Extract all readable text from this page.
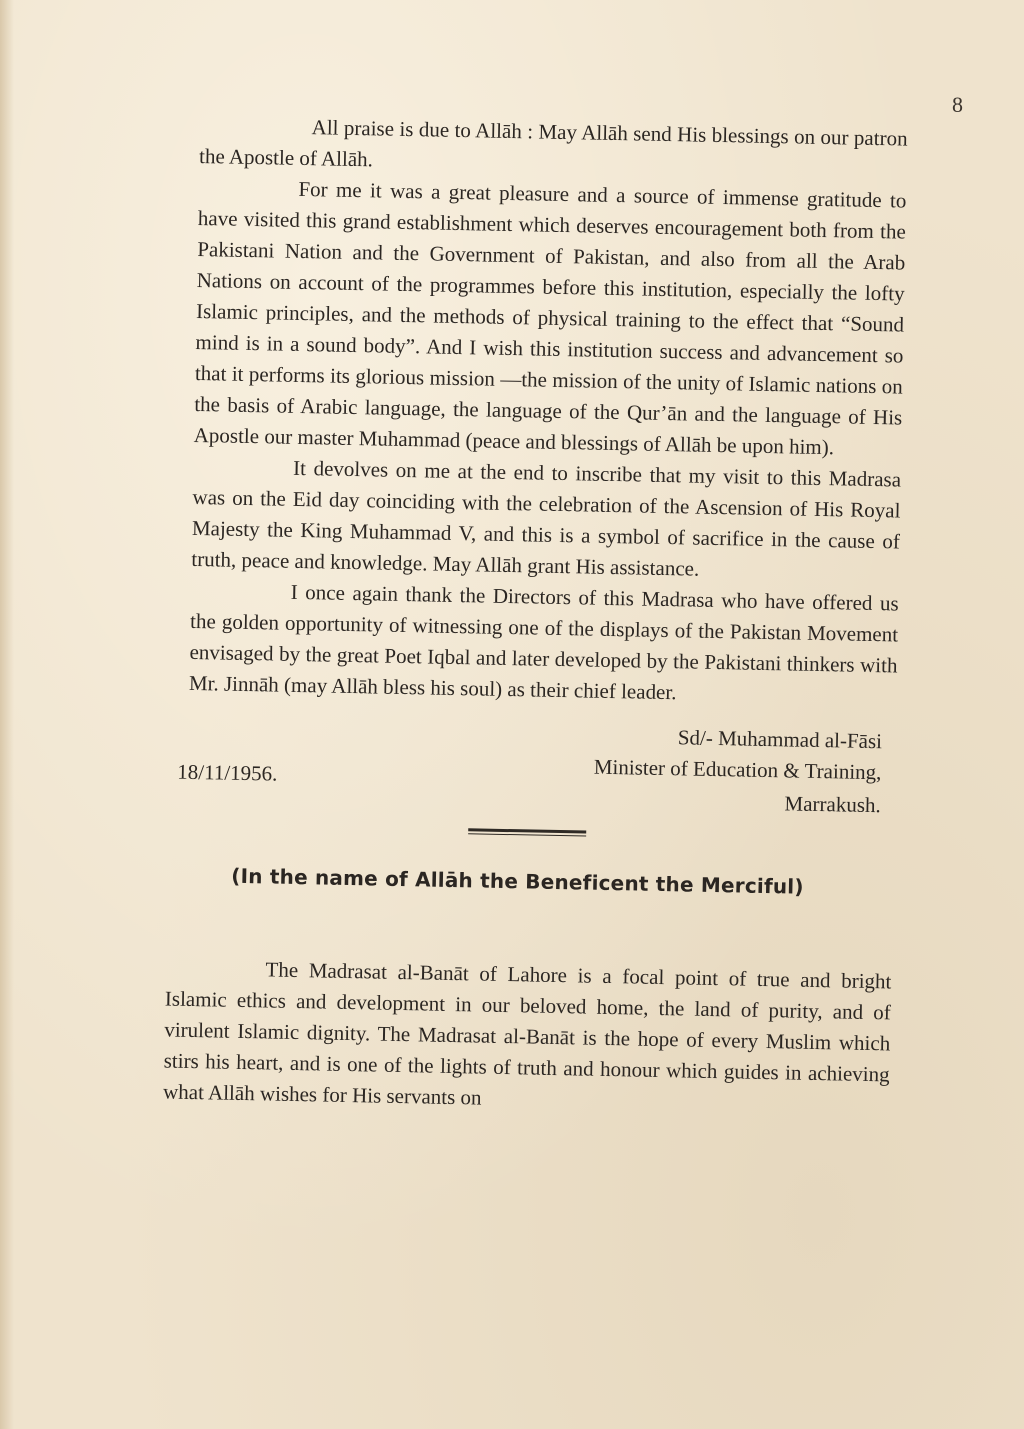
8

All praise is due to Allāh : May Allāh send His blessings on our patron the Apostle of Allāh.

For me it was a great pleasure and a source of immense gratitude to have visited this grand establishment which deserves encouragement both from the Pakistani Nation and the Government of Pakistan, and also from all the Arab Nations on account of the programmes before this institution, especially the lofty Islamic principles, and the methods of physical training to the effect that “Sound mind is in a sound body”. And I wish this institution success and advancement so that it performs its glorious mission —the mission of the unity of Islamic nations on the basis of Arabic language, the language of the Qur’ān and the language of His Apostle our master Muhammad (peace and blessings of Allāh be upon him).

It devolves on me at the end to inscribe that my visit to this Madrasa was on the Eid day coinciding with the celebration of the Ascension of His Royal Majesty the King Muhammad V, and this is a symbol of sacrifice in the cause of truth, peace and knowledge. May Allāh grant His assistance.

I once again thank the Directors of this Madrasa who have offered us the golden opportunity of witnessing one of the displays of the Pakistan Movement envisaged by the great Poet Iqbal and later developed by the Pakistani thinkers with Mr. Jinnāh (may Allāh bless his soul) as their chief leader.

Sd/- Muhammad al-Fāsi
Minister of Education & Training,
Marrakush.
18/11/1956.
(In the name of Allāh the Beneficent the Merciful)

The Madrasat al-Banāt of Lahore is a focal point of true and bright Islamic ethics and development in our beloved home, the land of purity, and of virulent Islamic dignity. The Madrasat al-Banāt is the hope of every Muslim which stirs his heart, and is one of the lights of truth and honour which guides in achieving what Allāh wishes for His servants on
